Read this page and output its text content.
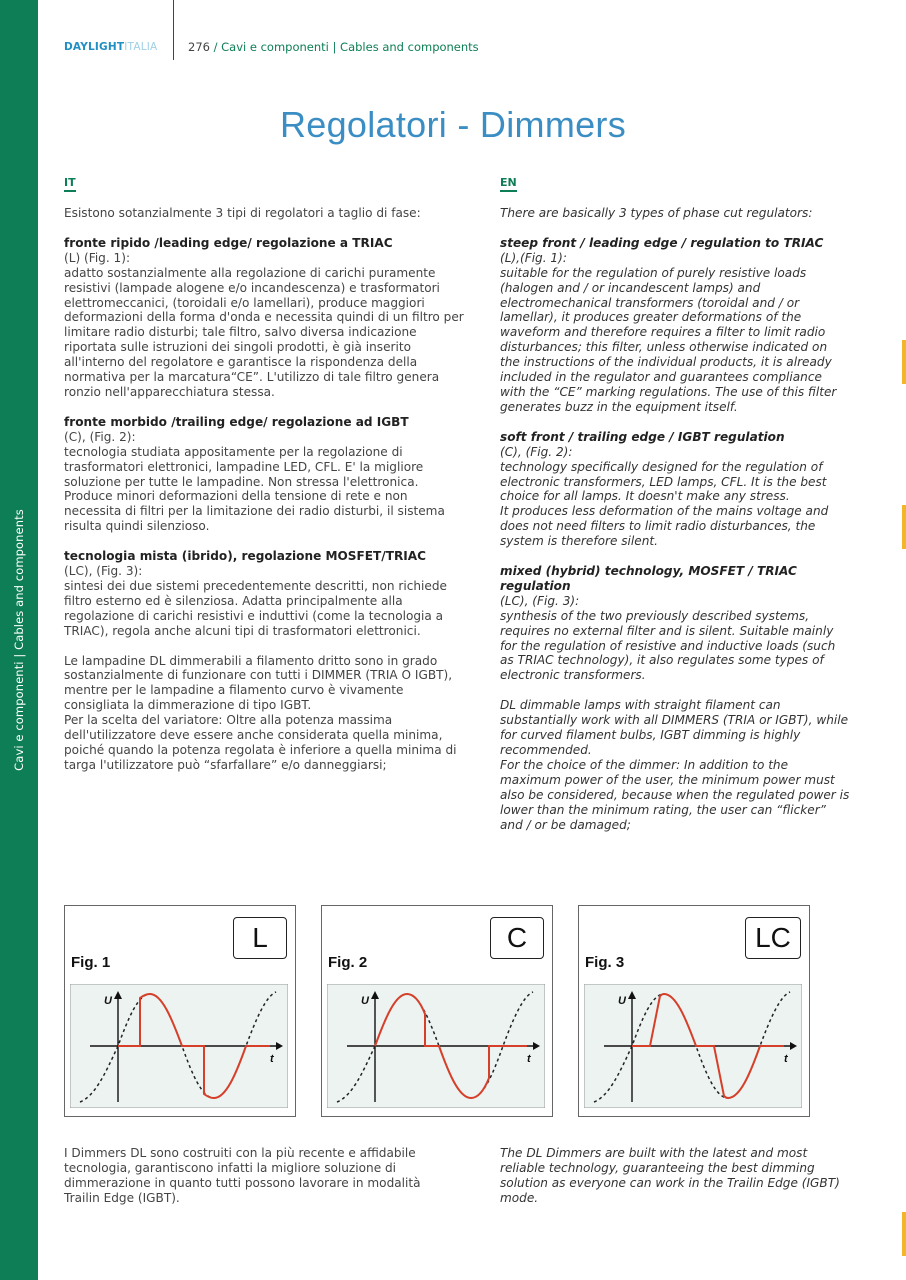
Cavi e componenti | Cables and components
DAYLIGHTITALIA	276 / Cavi e componenti | Cables and components
Regolatori - Dimmers
IT	EN

Esistono sotanzialmente 3 tipi di regolatori a taglio di fase:

fronte ripido /leading edge/ regolazione a TRIAC

(L) (Fig. 1):

adatto sostanzialmente alla regolazione di carichi puramente resistivi (lampade alogene e/o incandescenza) e trasformatori elettromeccanici, (toroidali e/o lamellari), produce maggiori deformazioni della forma d'onda e necessita quindi di un filtro per limitare radio disturbi; tale filtro, salvo diversa indicazione riportata sulle istruzioni dei singoli prodotti, è già inserito all'interno del regolatore e garantisce la rispondenza della normativa per la marcatura“CE”. L'utilizzo di tale filtro genera ronzio nell'apparecchiatura stessa.

fronte morbido /trailing edge/ regolazione ad IGBT

(C), (Fig. 2):

tecnologia studiata appositamente per la regolazione di trasformatori elettronici, lampadine LED, CFL. E' la migliore soluzione per tutte le lampadine. Non stressa l'elettronica. Produce minori deformazioni della tensione di rete e non necessita di filtri per la limitazione dei radio disturbi, il sistema risulta quindi silenzioso.

tecnologia mista (ibrido), regolazione MOSFET/TRIAC

(LC), (Fig. 3):

sintesi dei due sistemi precedentemente descritti, non richiede filtro esterno ed è silenziosa. Adatta principalmente alla regolazione di carichi resistivi e induttivi (come la tecnologia a TRIAC), regola anche alcuni tipi di trasformatori elettronici.

Le lampadine DL dimmerabili a filamento dritto sono in grado sostanzialmente di funzionare con tutti i DIMMER (TRIA O IGBT), mentre per le lampadine a filamento curvo è vivamente consigliata la dimmerazione di tipo IGBT.

Per la scelta del variatore: Oltre alla potenza massima dell'utilizzatore deve essere anche considerata quella minima, poiché quando la potenza regolata è inferiore a quella minima di targa l'utilizzatore può “sfarfallare” e/o danneggiarsi;

There are basically 3 types of phase cut regulators:

steep front / leading edge / regulation to TRIAC

(L),(Fig. 1):

suitable for the regulation of purely resistive loads (halogen and / or incandescent lamps) and electromechanical transformers (toroidal and / or lamellar), it produces greater deformations of the waveform and therefore requires a filter to limit radio disturbances; this filter, unless otherwise indicated on the instructions of the individual products, it is already included in the regulator and guarantees compliance with the “CE” marking regulations. The use of this filter generates buzz in the equipment itself.

soft front / trailing edge / IGBT regulation

(C), (Fig. 2):

technology specifically designed for the regulation of electronic transformers, LED lamps, CFL. It is the best choice for all lamps. It doesn't make any stress.

It produces less deformation of the mains voltage and does not need filters to limit radio disturbances, the system is therefore silent.

mixed (hybrid) technology, MOSFET / TRIAC regulation

(LC), (Fig. 3):

synthesis of the two previously described systems, requires no external filter and is silent. Suitable mainly for the regulation of resistive and inductive loads (such as TRIAC technology), it also regulates some types of electronic transformers.

DL dimmable lamps with straight filament can substantially work with all DIMMERS (TRIA or IGBT), while for curved filament bulbs, IGBT dimming is highly recommended.

For the choice of the dimmer: In addition to the maximum power of the user, the minimum power must also be considered, because when the regulated power is lower than the minimum rating, the user can “flicker” and / or be damaged;

L
Fig. 1
U
t
C
Fig. 2
U
t
LC
Fig. 3
U
t
I Dimmers DL sono costruiti con la più recente e affidabile tecnologia, garantiscono infatti la migliore soluzione di dimmerazione in quanto tutti possono lavorare in modalità Trailin Edge (IGBT).
The DL Dimmers are built with the latest and most reliable technology, guaranteeing the best dimming solution as everyone can work in the Trailin Edge (IGBT) mode.
